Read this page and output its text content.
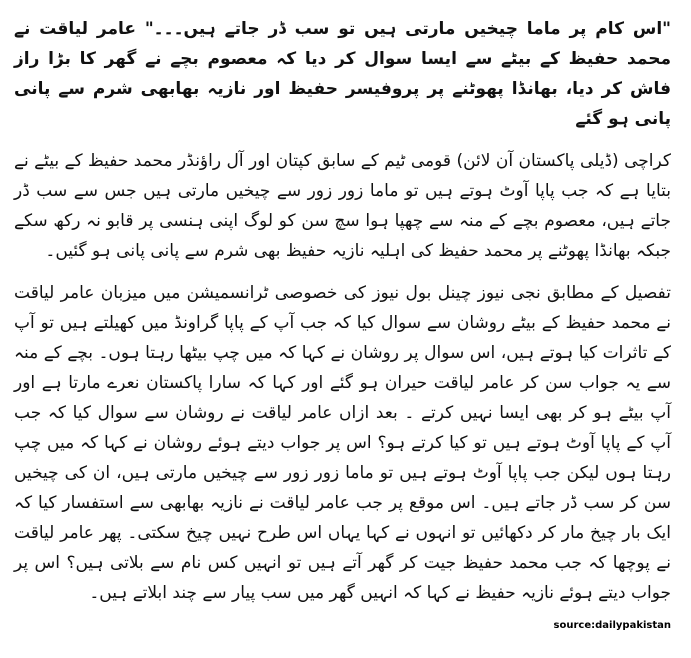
"اس کام پر ماما چیخیں مارتی ہیں تو سب ڈر جاتے ہیں۔۔۔" عامر لیاقت نے محمد حفیظ کے بیٹے سے ایسا سوال کر دیا کہ معصوم بچے نے گھر کا بڑا راز فاش کر دیا، بھانڈا پھوٹنے پر پروفیسر حفیظ اور نازیہ بھابھی شرم سے پانی پانی ہو گئے

کراچی (ڈیلی پاکستان آن لائن) قومی ٹیم کے سابق کپتان اور آل راؤنڈر محمد حفیظ کے بیٹے نے بتایا ہے کہ جب پاپا آوٹ ہوتے ہیں تو ماما زور زور سے چیخیں مارتی ہیں جس سے سب ڈر جاتے ہیں، معصوم بچے کے منہ سے چھپا ہوا سچ سن کو لوگ اپنی ہنسی پر قابو نہ رکھ سکے جبکہ بھانڈا پھوٹنے پر محمد حفیظ کی اہلیہ نازیہ حفیظ بھی شرم سے پانی پانی ہو گئیں۔

تفصیل کے مطابق نجی نیوز چینل بول نیوز کی خصوصی ٹرانسمیشن میں میزبان عامر لیاقت نے محمد حفیظ کے بیٹے روشان سے سوال کیا کہ جب آپ کے پاپا گراونڈ میں کھیلتے ہیں تو آپ کے تاثرات کیا ہوتے ہیں، اس سوال پر روشان نے کہا کہ میں چپ بیٹھا رہتا ہوں۔ بچے کے منہ سے یہ جواب سن کر عامر لیاقت حیران ہو گئے اور کہا کہ سارا پاکستان نعرے مارتا ہے اور آپ بیٹے ہو کر بھی ایسا نہیں کرتے ۔ بعد ازاں عامر لیاقت نے روشان سے سوال کیا کہ جب آپ کے پاپا آوٹ ہوتے ہیں تو کیا کرتے ہو؟ اس پر جواب دیتے ہوئے روشان نے کہا کہ میں چپ رہتا ہوں لیکن جب پاپا آوٹ ہوتے ہیں تو ماما زور زور سے چیخیں مارتی ہیں، ان کی چیخیں سن کر سب ڈر جاتے ہیں۔ اس موقع پر جب عامر لیاقت نے نازیہ بھابھی سے استفسار کیا کہ ایک بار چیخ مار کر دکھائیں تو انہوں نے کہا یہاں اس طرح نہیں چیخ سکتی۔ پھر عامر لیاقت نے پوچھا کہ جب محمد حفیظ جیت کر گھر آتے ہیں تو انہیں کس نام سے بلاتی ہیں؟ اس پر جواب دیتے ہوئے نازیہ حفیظ نے کہا کہ انہیں گھر میں سب پیار سے چند ابلاتے ہیں۔

source:dailypakistan
